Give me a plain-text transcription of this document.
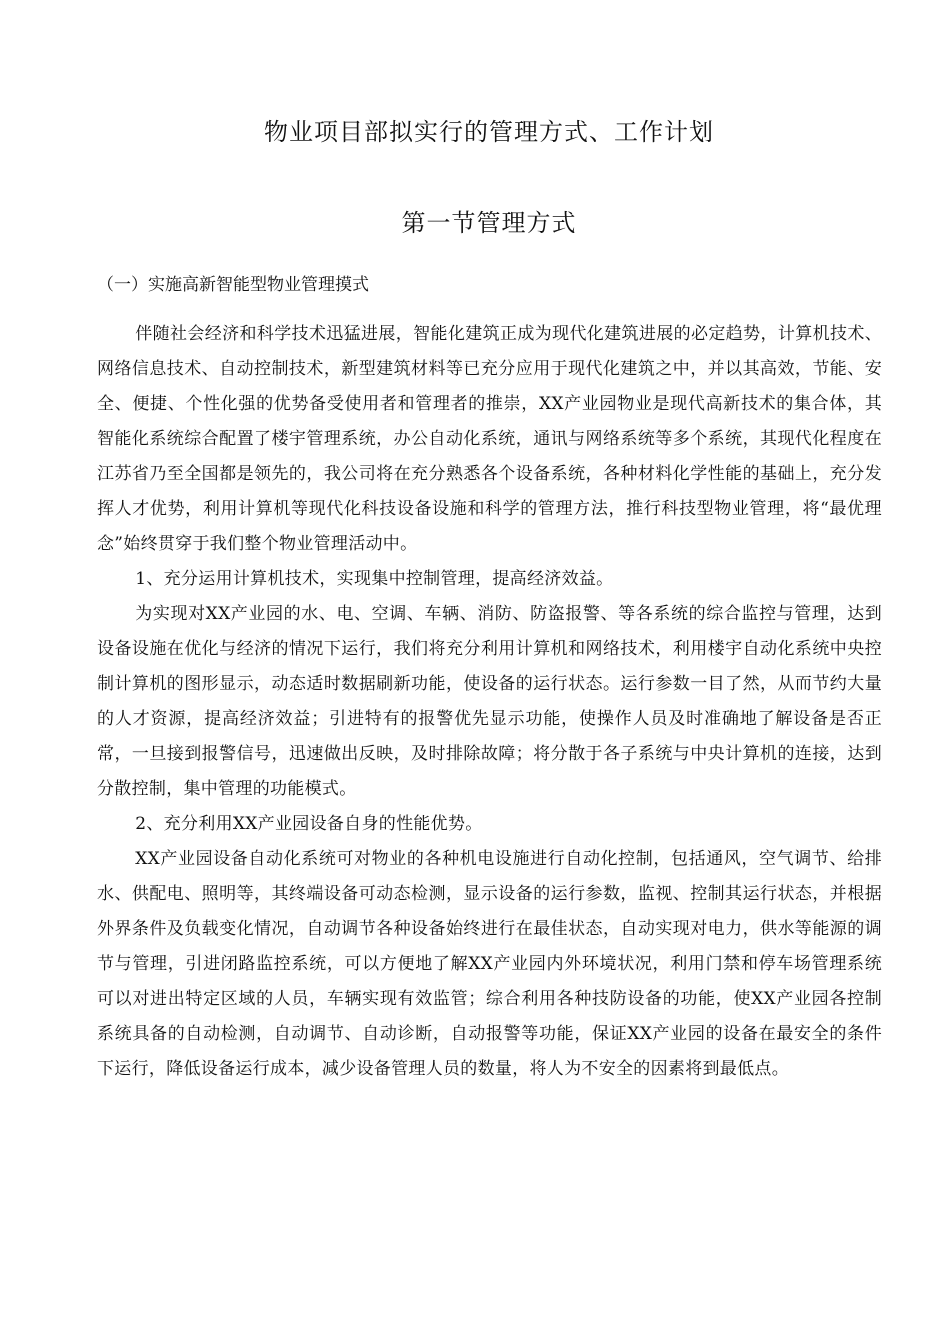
物业项目部拟实行的管理方式、工作计划
第一节管理方式
（一）实施高新智能型物业管理摸式

伴随社会经济和科学技术迅猛进展，智能化建筑正成为现代化建筑进展的必定趋势，计算机技术、网络信息技术、自动控制技术，新型建筑材料等已充分应用于现代化建筑之中，并以其高效，节能、安全、便捷、个性化强的优势备受使用者和管理者的推崇，XX产业园物业是现代高新技术的集合体，其智能化系统综合配置了楼宇管理系统，办公自动化系统，通讯与网络系统等多个系统，其现代化程度在江苏省乃至全国都是领先的，我公司将在充分熟悉各个设备系统，各种材料化学性能的基础上，充分发挥人才优势，利用计算机等现代化科技设备设施和科学的管理方法，推行科技型物业管理，将“最优理念”始终贯穿于我们整个物业管理活动中。

1、充分运用计算机技术，实现集中控制管理，提高经济效益。

为实现对XX产业园的水、电、空调、车辆、消防、防盗报警、等各系统的综合监控与管理，达到设备设施在优化与经济的情况下运行，我们将充分利用计算机和网络技术，利用楼宇自动化系统中央控制计算机的图形显示，动态适时数据刷新功能，使设备的运行状态。运行参数一目了然，从而节约大量的人才资源，提高经济效益；引进特有的报警优先显示功能，使操作人员及时准确地了解设备是否正常，一旦接到报警信号，迅速做出反映，及时排除故障；将分散于各子系统与中央计算机的连接，达到分散控制，集中管理的功能模式。

2、充分利用XX产业园设备自身的性能优势。

XX产业园设备自动化系统可对物业的各种机电设施进行自动化控制，包括通风，空气调节、给排水、供配电、照明等，其终端设备可动态检测，显示设备的运行参数，监视、控制其运行状态，并根据外界条件及负载变化情况，自动调节各种设备始终进行在最佳状态，自动实现对电力，供水等能源的调节与管理，引进闭路监控系统，可以方便地了解XX产业园内外环境状况，利用门禁和停车场管理系统可以对进出特定区域的人员，车辆实现有效监管；综合利用各种技防设备的功能，使XX产业园各控制系统具备的自动检测，自动调节、自动诊断，自动报警等功能，保证XX产业园的设备在最安全的条件下运行，降低设备运行成本，减少设备管理人员的数量，将人为不安全的因素将到最低点。
